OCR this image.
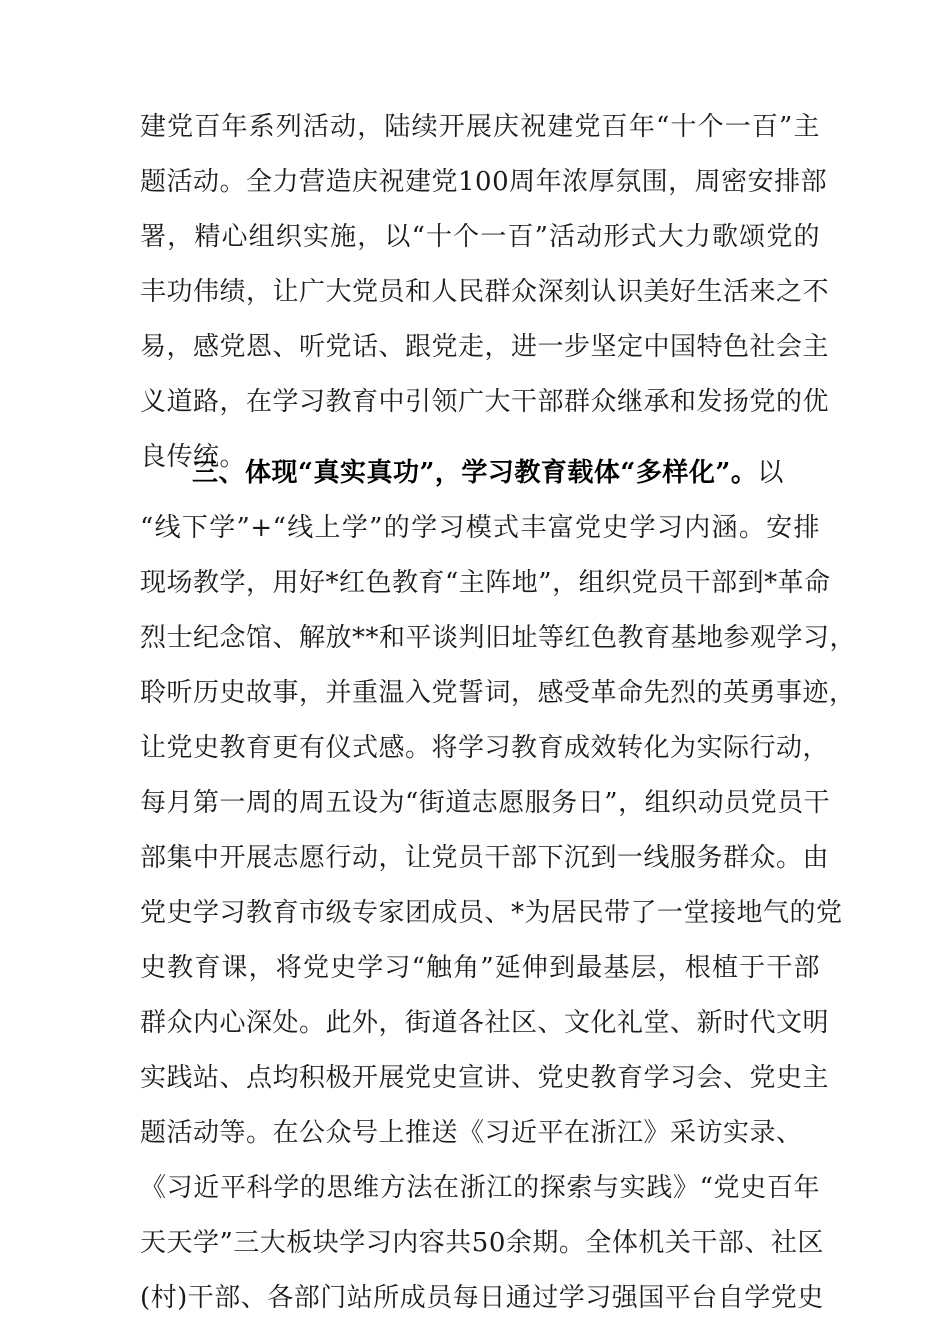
建党百年系列活动，陆续开展庆祝建党百年“十个一百”主
题活动。全力营造庆祝建党100周年浓厚氛围，周密安排部
署，精心组织实施，以“十个一百”活动形式大力歌颂党的
丰功伟绩，让广大党员和人民群众深刻认识美好生活来之不
易，感党恩、听党话、跟党走，进一步坚定中国特色社会主
义道路，在学习教育中引领广大干部群众继承和发扬党的优
良传统。
三、体现“真实真功”，学习教育载体“多样化”。以
“线下学”+“线上学”的学习模式丰富党史学习内涵。安排
现场教学，用好*红色教育“主阵地”，组织党员干部到*革命
烈士纪念馆、解放**和平谈判旧址等红色教育基地参观学习，
聆听历史故事，并重温入党誓词，感受革命先烈的英勇事迹，
让党史教育更有仪式感。将学习教育成效转化为实际行动，
每月第一周的周五设为“街道志愿服务日”，组织动员党员干
部集中开展志愿行动，让党员干部下沉到一线服务群众。由
党史学习教育市级专家团成员、*为居民带了一堂接地气的党
史教育课，将党史学习“触角”延伸到最基层，根植于干部
群众内心深处。此外，街道各社区、文化礼堂、新时代文明
实践站、点均积极开展党史宣讲、党史教育学习会、党史主
题活动等。在公众号上推送《习近平在浙江》采访实录、
《习近平科学的思维方法在浙江的探索与实践》“党史百年
天天学”三大板块学习内容共50余期。全体机关干部、社区
(村)干部、各部门站所成员每日通过学习强国平台自学党史
